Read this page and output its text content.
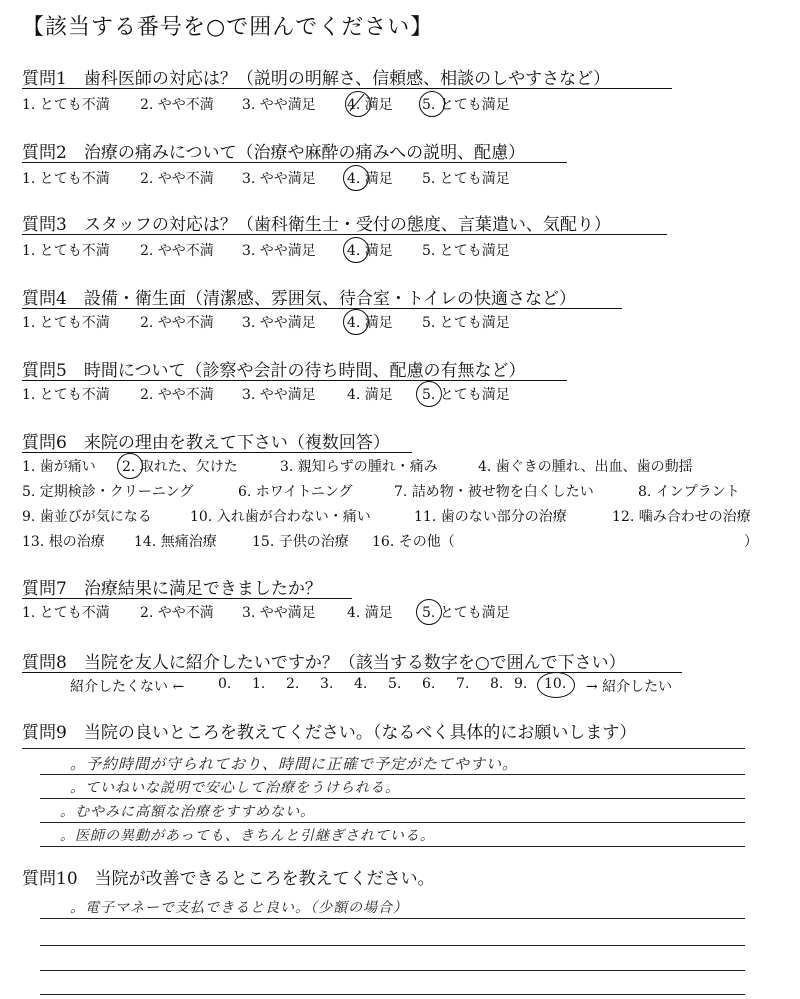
【該当する番号を○で囲んでください】
質問1　歯科医師の対応は？（説明の明解さ、信頼感、相談のしやすさなど）
1. とても不満 2. やや不満 3. やや満足 4. 満足 5. とても満足
質問2　治療の痛みについて（治療や麻酔の痛みへの説明、配慮）
1. とても不満 2. やや不満 3. やや満足 4. 満足 5. とても満足
質問3　スタッフの対応は？（歯科衛生士・受付の態度、言葉遣い、気配り）
1. とても不満 2. やや不満 3. やや満足 4. 満足 5. とても満足
質問4　設備・衛生面（清潔感、雰囲気、待合室・トイレの快適さなど）
1. とても不満 2. やや不満 3. やや満足 4. 満足 5. とても満足
質問5　時間について（診察や会計の待ち時間、配慮の有無など）
1. とても不満 2. やや不満 3. やや満足 4. 満足 5. とても満足
質問6　来院の理由を教えて下さい（複数回答）
1. 歯が痛い 2. 取れた、欠けた	3. 親知らずの腫れ・痛み	4. 歯ぐきの腫れ、出血、歯の動揺
5. 定期検診・クリーニング	6. ホワイトニング	7. 詰め物・被せ物を白くしたい	8. インプラント
9. 歯並びが気になる	10. 入れ歯が合わない・痛い	11. 歯のない部分の治療	12. 噛み合わせの治療
13. 根の治療 14. 無痛治療	15. 子供の治療 16. その他（	）
質問7　治療結果に満足できましたか？
1. とても不満 2. やや不満 3. やや満足 4. 満足 5. とても満足
質問8　当院を友人に紹介したいですか？（該当する数字を○で囲んで下さい）
紹介したくない ← 0. 1. 2. 3. 4. 5. 6. 7. 8. 9. 10. → 紹介したい
質問9　当院の良いところを教えてください。（なるべく具体的にお願いします）
。予約時間が守られており、時間に正確で予定がたてやすい。
。ていねいな説明で安心して治療をうけられる。
。むやみに高額な治療をすすめない。
。医師の異動があっても、きちんと引継ぎされている。
質問10　当院が改善できるところを教えてください。
。電子マネーで支払できると良い。（少額の場合）
